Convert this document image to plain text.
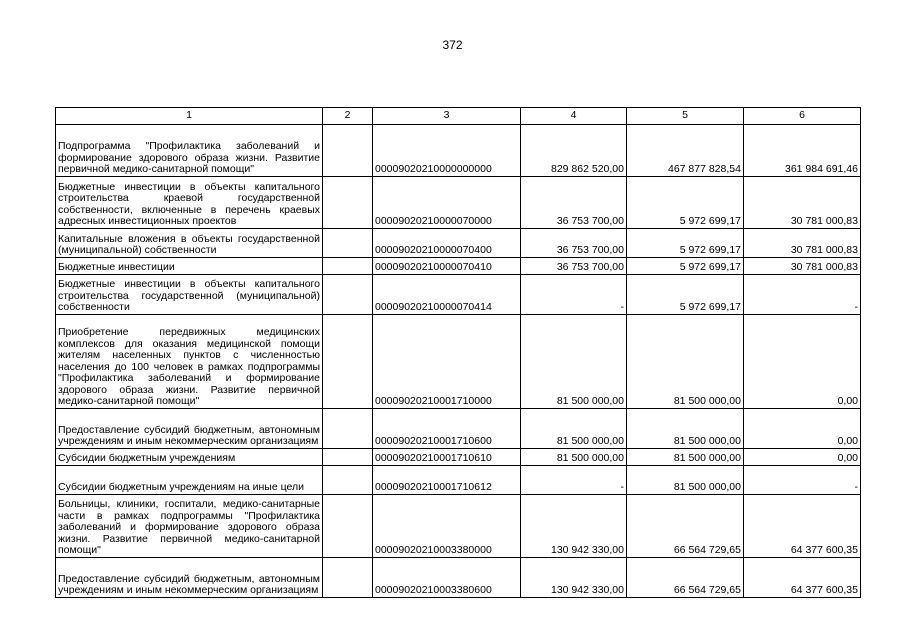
372
1	2	3	4	5	6
Подпрограмма "Профилактика заболеваний и формирование здорового образа жизни. Развитие первичной медико-санитарной помощи"		00009020210000000000	829 862 520,00	467 877 828,54	361 984 691,46
Бюджетные инвестиции в объекты капитального строительства краевой государственной собственности, включенные в перечень краевых адресных инвестиционных проектов		00009020210000070000	36 753 700,00	5 972 699,17	30 781 000,83
Капитальные вложения в объекты государственной (муниципальной) собственности		00009020210000070400	36 753 700,00	5 972 699,17	30 781 000,83
Бюджетные инвестиции		00009020210000070410	36 753 700,00	5 972 699,17	30 781 000,83
Бюджетные инвестиции в объекты капитального строительства государственной (муниципальной) собственности		00009020210000070414	-	5 972 699,17	-
Приобретение передвижных медицинских комплексов для оказания медицинской помощи жителям населенных пунктов с численностью населения до 100 человек в рамках подпрограммы "Профилактика заболеваний и формирование здорового образа жизни. Развитие первичной медико-санитарной помощи"		00009020210001710000	81 500 000,00	81 500 000,00	0,00
Предоставление субсидий бюджетным, автономным учреждениям и иным некоммерческим организациям		00009020210001710600	81 500 000,00	81 500 000,00	0,00
Субсидии бюджетным учреждениям		00009020210001710610	81 500 000,00	81 500 000,00	0,00
Субсидии бюджетным учреждениям на иные цели		00009020210001710612	-	81 500 000,00	-
Больницы, клиники, госпитали, медико-санитарные части в рамках подпрограммы "Профилактика заболеваний и формирование здорового образа жизни. Развитие первичной медико-санитарной помощи"		00009020210003380000	130 942 330,00	66 564 729,65	64 377 600,35
Предоставление субсидий бюджетным, автономным учреждениям и иным некоммерческим организациям		00009020210003380600	130 942 330,00	66 564 729,65	64 377 600,35
